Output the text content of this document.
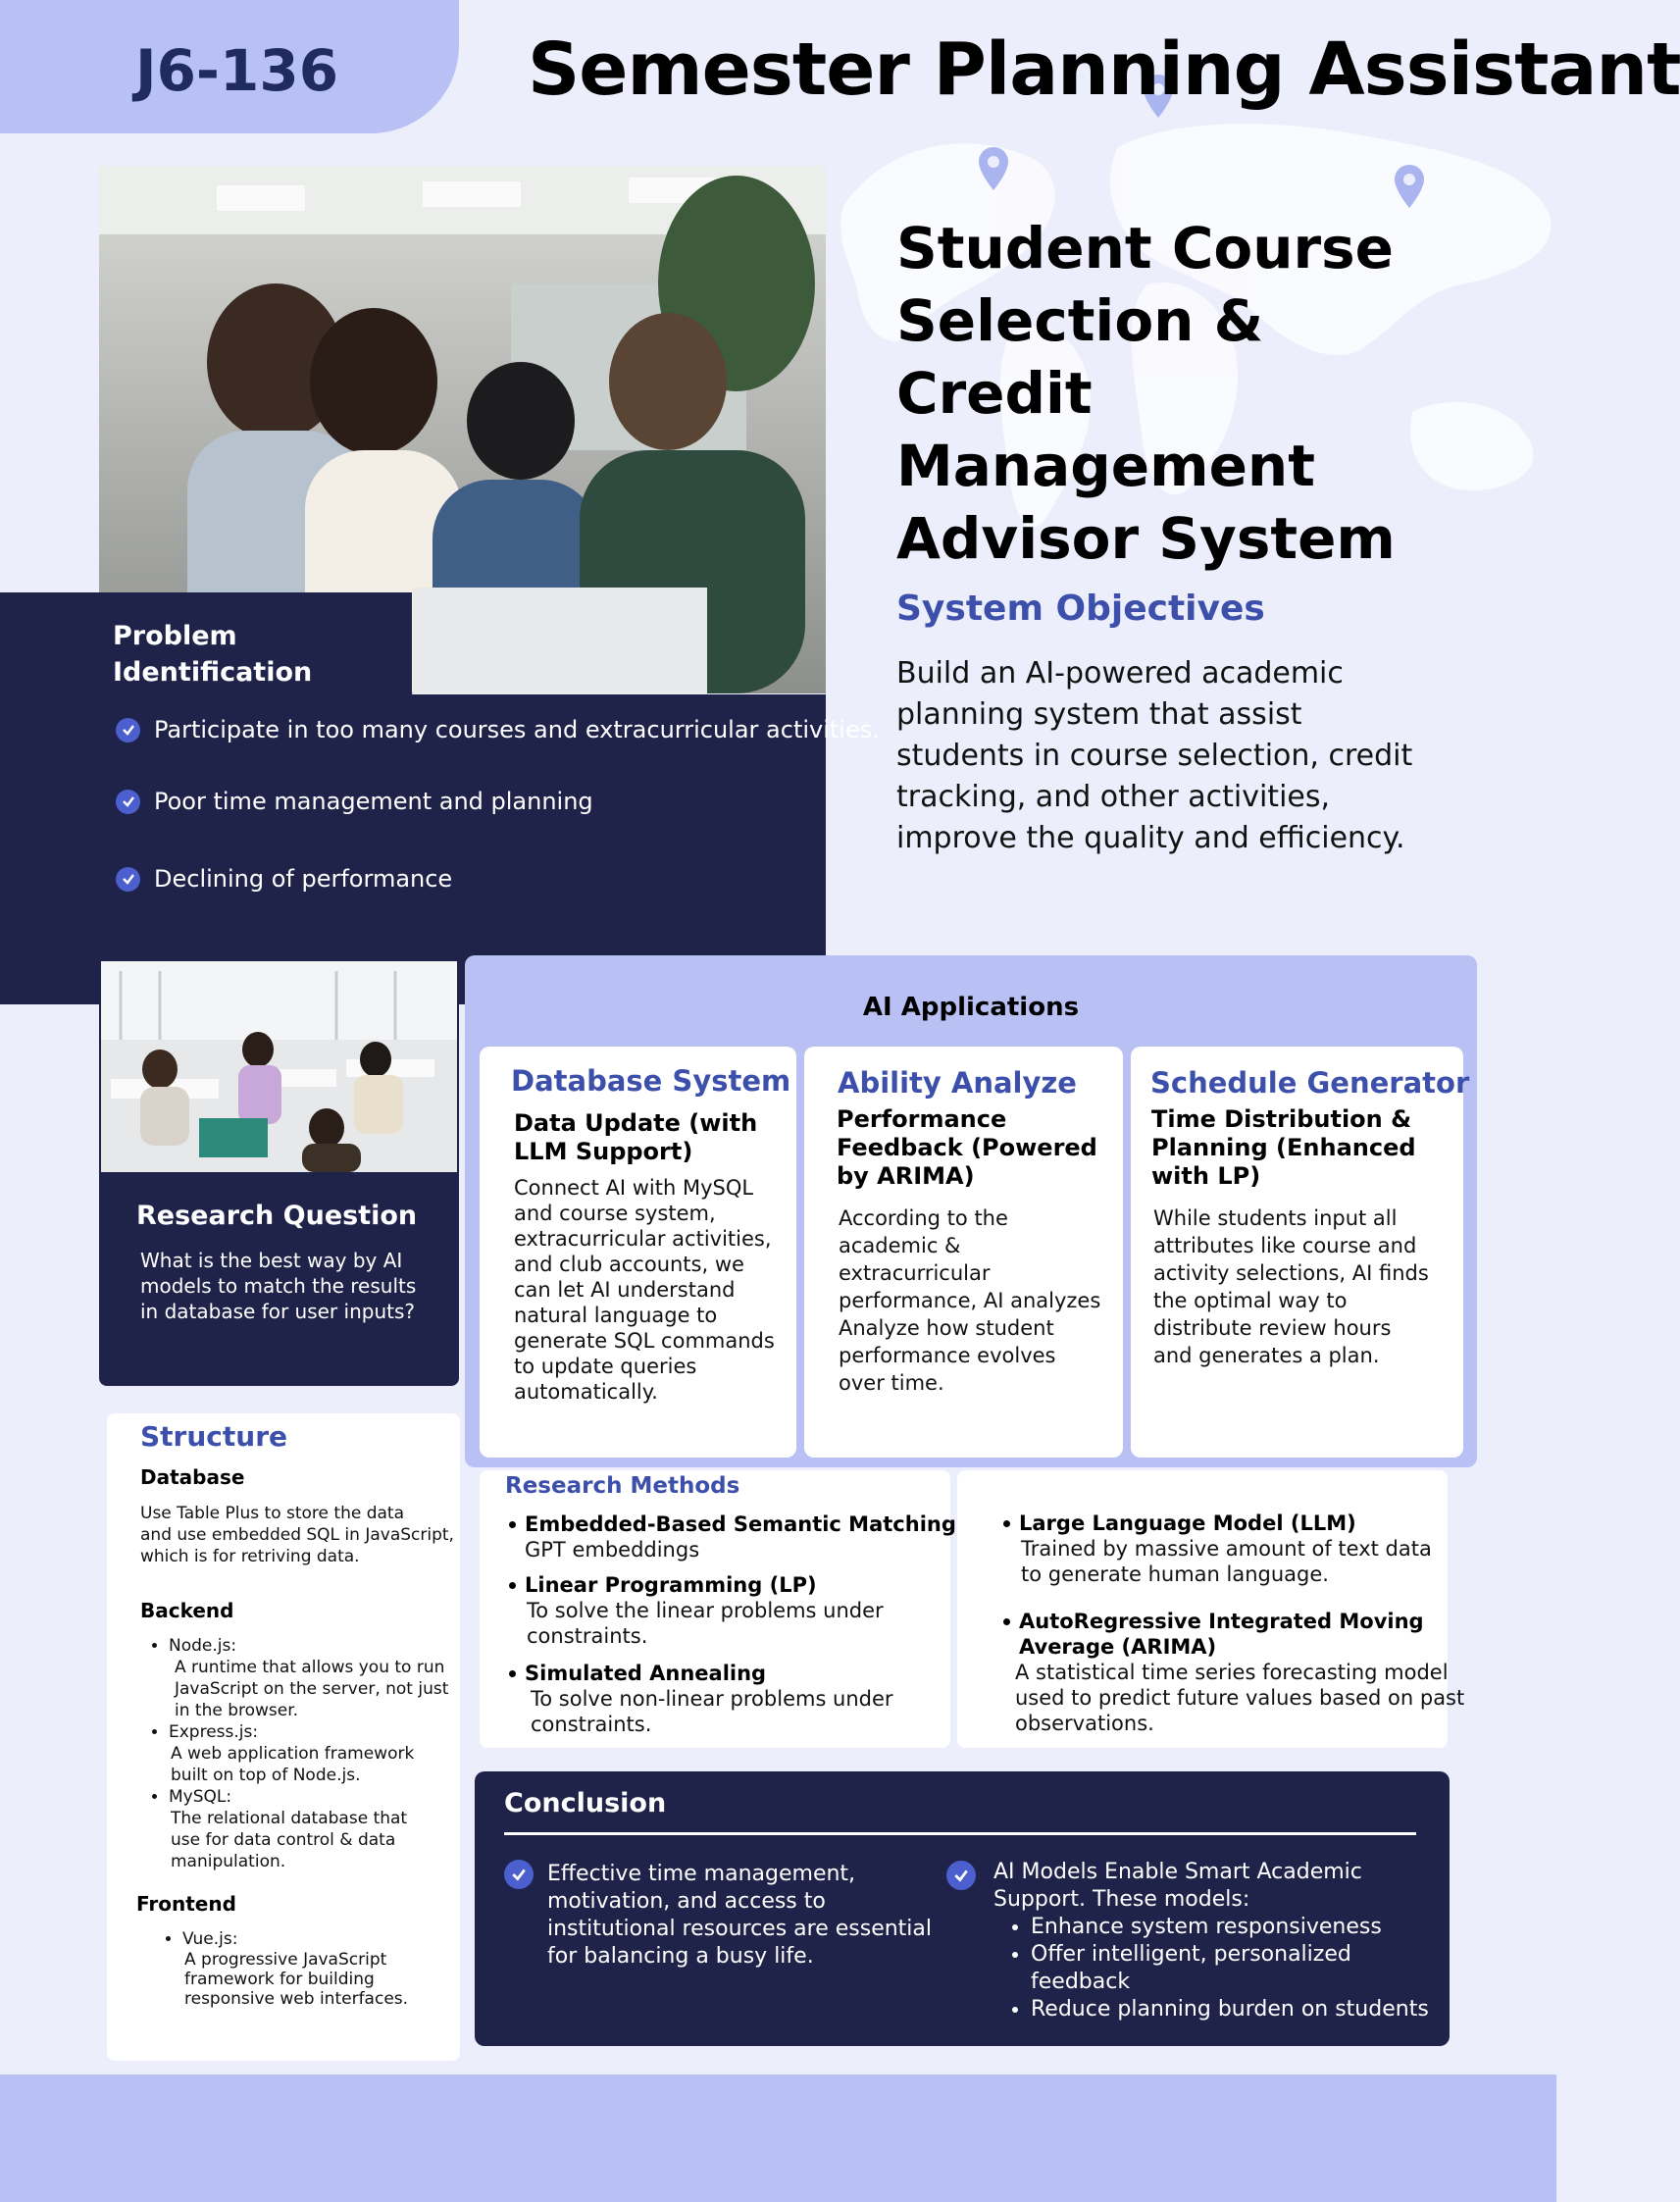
J6-136	Semester Planning Assistant
Student Course
Selection &
Credit Management
Advisor System
System Objectives
Build an AI-powered academic
planning system that assist
students in course selection, credit
tracking, and other activities,
improve the quality and efficiency.
Problem
Identification
Participate in too many courses and extracurricular activities.
Poor time management and planning
Declining of performance
Research Question
What is the best way by AI
models to match the results
in database for user inputs?
AI Applications
Database System
Data Update (with
LLM Support)
Connect AI with MySQL
and course system,
extracurricular activities,
and club accounts, we
can let AI understand
natural language to
generate SQL commands
to update queries
automatically.
Ability Analyze
Performance
Feedback (Powered
by ARIMA)
According to the
academic &
extracurricular
performance, AI analyzes
Analyze how student
performance evolves
over time.
Schedule Generator
Time Distribution &
Planning (Enhanced
with LP)
While students input all
attributes like course and
activity selections, AI finds
the optimal way to
distribute review hours
and generates a plan.
Structure
Database
Use Table Plus to store the data
and use embedded SQL in JavaScript,
which is for retriving data.
Backend
• Node.js:
A runtime that allows you to run
JavaScript on the server, not just
in the browser.
• Express.js:
A web application framework
built on top of Node.js.
• MySQL:
The relational database that
use for data control & data
manipulation.
Frontend
• Vue.js:
A progressive JavaScript
framework for building
responsive web interfaces.
Research Methods
Embedded-Based Semantic Matching
GPT embeddings
Linear Programming (LP)
To solve the linear problems under
constraints.
Simulated Annealing
To solve non-linear problems under
constraints.
Large Language Model (LLM)
Trained by massive amount of text data
to generate human language.
AutoRegressive Integrated Moving
Average (ARIMA)
A statistical time series forecasting model
used to predict future values based on past
observations.
Conclusion
Effective time management,
motivation, and access to
institutional resources are essential
for balancing a busy life.
AI Models Enable Smart Academic
Support. These models:
• Enhance system responsiveness
• Offer intelligent, personalized feedback
• Reduce planning burden on students
